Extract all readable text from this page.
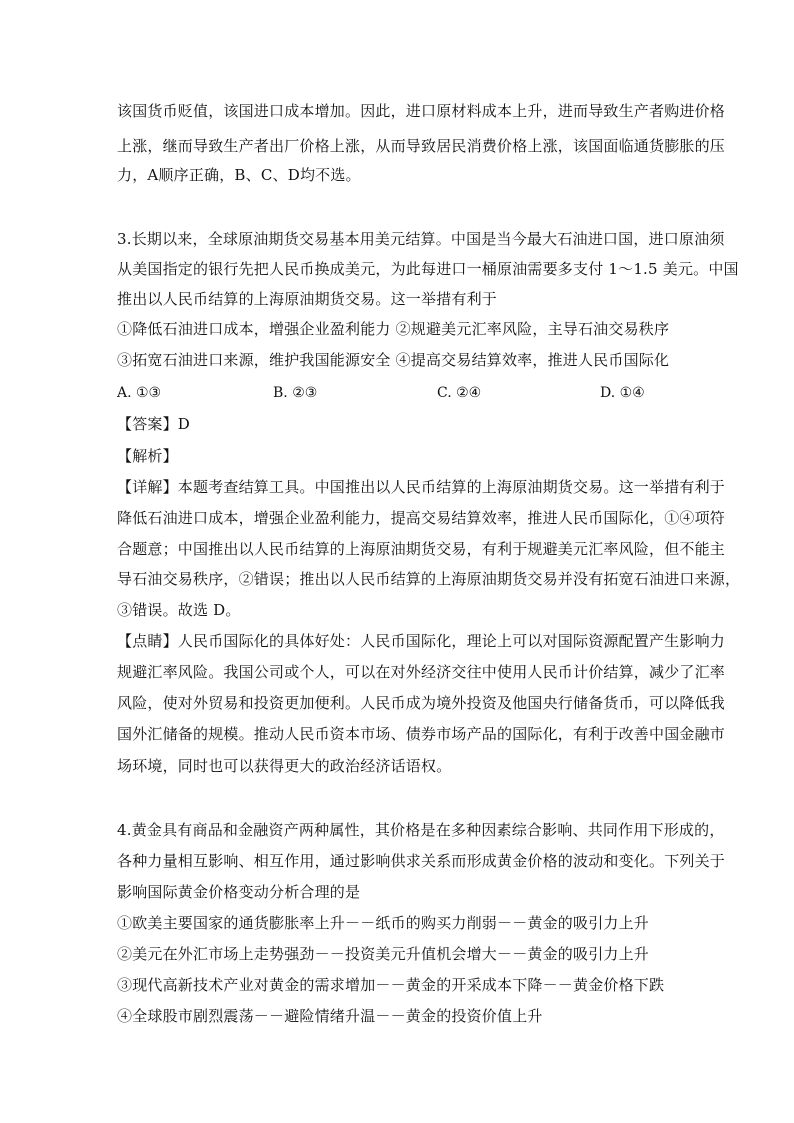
该国货币贬值，该国进口成本增加。因此，进口原材料成本上升，进而导致生产者购进价格
上涨，继而导致生产者出厂价格上涨，从而导致居民消费价格上涨，该国面临通货膨胀的压
力，A顺序正确，B、C、D均不选。
3.长期以来，全球原油期货交易基本用美元结算。中国是当今最大石油进口国，进口原油须
从美国指定的银行先把人民币换成美元，为此每进口一桶原油需要多支付 1～1.5 美元。中国
推出以人民币结算的上海原油期货交易。这一举措有利于
①降低石油进口成本，增强企业盈利能力 ②规避美元汇率风险，主导石油交易秩序
③拓宽石油进口来源，维护我国能源安全 ④提高交易结算效率，推进人民币国际化
A. ①③	B. ②③	C. ②④	D. ①④
【答案】D
【解析】
【详解】本题考查结算工具。中国推出以人民币结算的上海原油期货交易。这一举措有利于
降低石油进口成本，增强企业盈利能力，提高交易结算效率，推进人民币国际化，①④项符
合题意；中国推出以人民币结算的上海原油期货交易，有利于规避美元汇率风险，但不能主
导石油交易秩序，②错误；推出以人民币结算的上海原油期货交易并没有拓宽石油进口来源，
③错误。故选 D。
【点睛】人民币国际化的具体好处：人民币国际化，理论上可以对国际资源配置产生影响力
规避汇率风险。我国公司或个人，可以在对外经济交往中使用人民币计价结算，减少了汇率
风险，使对外贸易和投资更加便利。人民币成为境外投资及他国央行储备货币，可以降低我
国外汇储备的规模。推动人民币资本市场、债券市场产品的国际化，有利于改善中国金融市
场环境，同时也可以获得更大的政治经济话语权。
4.黄金具有商品和金融资产两种属性，其价格是在多种因素综合影响、共同作用下形成的，
各种力量相互影响、相互作用，通过影响供求关系而形成黄金价格的波动和变化。下列关于
影响国际黄金价格变动分析合理的是
①欧美主要国家的通货膨胀率上升－－纸币的购买力削弱－－黄金的吸引力上升
②美元在外汇市场上走势强劲－－投资美元升值机会增大－－黄金的吸引力上升
③现代高新技术产业对黄金的需求增加－－黄金的开采成本下降－－黄金价格下跌
④全球股市剧烈震荡－－避险情绪升温－－黄金的投资价值上升
